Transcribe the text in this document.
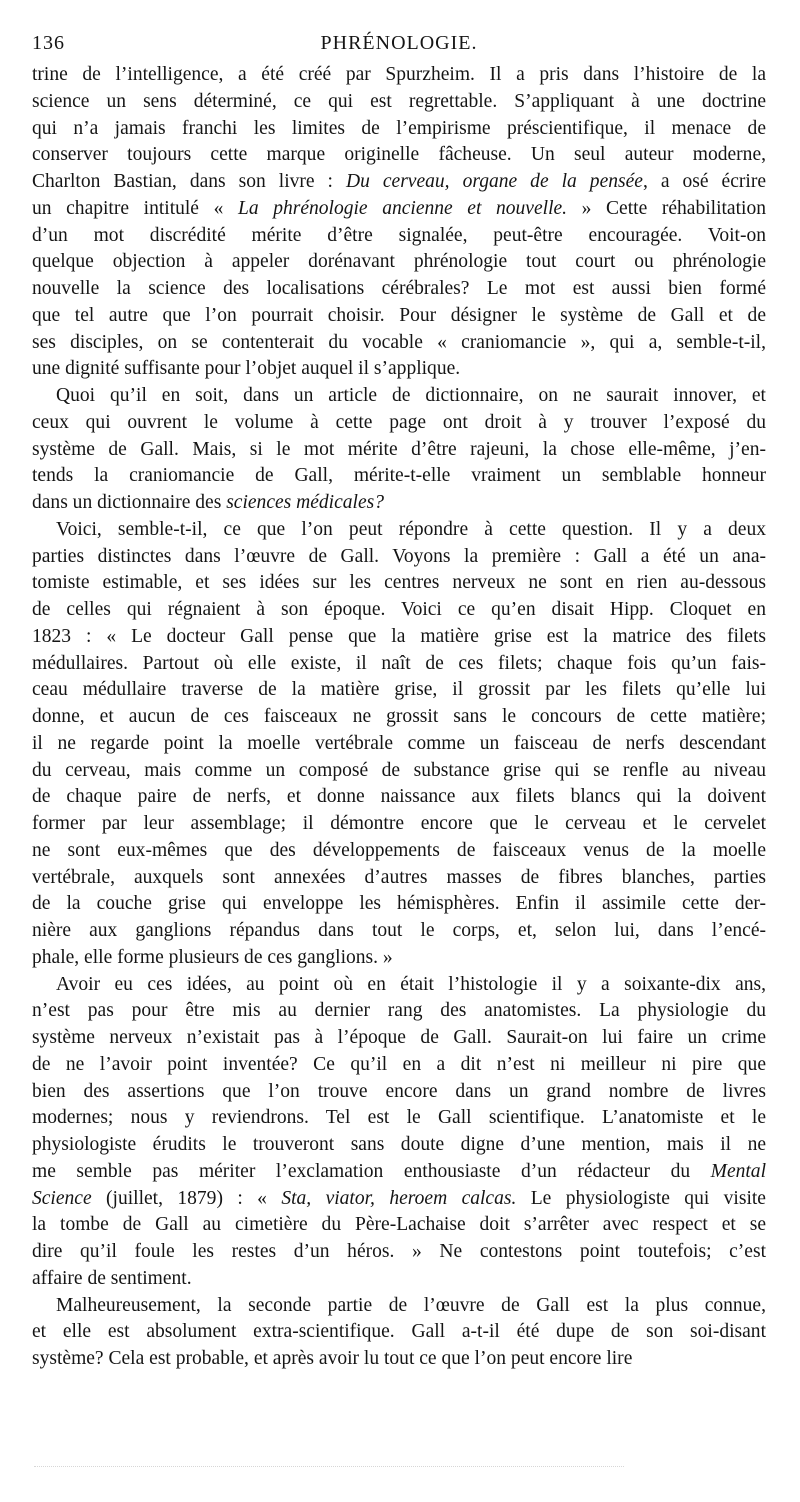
136	PHRÉNOLOGIE.
trine de l’intelligence, a été créé par Spurzheim. Il a pris dans l’histoire de la
science un sens déterminé, ce qui est regrettable. S’appliquant à une doctrine
qui n’a jamais franchi les limites de l’empirisme préscientifique, il menace de
conserver toujours cette marque originelle fâcheuse. Un seul auteur moderne,
Charlton Bastian, dans son livre : Du cerveau, organe de la pensée, a osé écrire
un chapitre intitulé « La phrénologie ancienne et nouvelle. » Cette réhabilitation
d’un mot discrédité mérite d’être signalée, peut-être encouragée. Voit-on
quelque objection à appeler dorénavant phrénologie tout court ou phrénologie
nouvelle la science des localisations cérébrales? Le mot est aussi bien formé
que tel autre que l’on pourrait choisir. Pour désigner le système de Gall et de
ses disciples, on se contenterait du vocable « craniomancie », qui a, semble-t-il,
une dignité suffisante pour l’objet auquel il s’applique.
Quoi qu’il en soit, dans un article de dictionnaire, on ne saurait innover, et
ceux qui ouvrent le volume à cette page ont droit à y trouver l’exposé du
système de Gall. Mais, si le mot mérite d’être rajeuni, la chose elle-même, j’en-
tends la craniomancie de Gall, mérite-t-elle vraiment un semblable honneur
dans un dictionnaire des sciences médicales?
Voici, semble-t-il, ce que l’on peut répondre à cette question. Il y a deux
parties distinctes dans l’œuvre de Gall. Voyons la première : Gall a été un ana-
tomiste estimable, et ses idées sur les centres nerveux ne sont en rien au-dessous
de celles qui régnaient à son époque. Voici ce qu’en disait Hipp. Cloquet en
1823 : « Le docteur Gall pense que la matière grise est la matrice des filets
médullaires. Partout où elle existe, il naît de ces filets; chaque fois qu’un fais-
ceau médullaire traverse de la matière grise, il grossit par les filets qu’elle lui
donne, et aucun de ces faisceaux ne grossit sans le concours de cette matière;
il ne regarde point la moelle vertébrale comme un faisceau de nerfs descendant
du cerveau, mais comme un composé de substance grise qui se renfle au niveau
de chaque paire de nerfs, et donne naissance aux filets blancs qui la doivent
former par leur assemblage; il démontre encore que le cerveau et le cervelet
ne sont eux-mêmes que des développements de faisceaux venus de la moelle
vertébrale, auxquels sont annexées d’autres masses de fibres blanches, parties
de la couche grise qui enveloppe les hémisphères. Enfin il assimile cette der-
nière aux ganglions répandus dans tout le corps, et, selon lui, dans l’encé-
phale, elle forme plusieurs de ces ganglions. »
Avoir eu ces idées, au point où en était l’histologie il y a soixante-dix ans,
n’est pas pour être mis au dernier rang des anatomistes. La physiologie du
système nerveux n’existait pas à l’époque de Gall. Saurait-on lui faire un crime
de ne l’avoir point inventée? Ce qu’il en a dit n’est ni meilleur ni pire que
bien des assertions que l’on trouve encore dans un grand nombre de livres
modernes; nous y reviendrons. Tel est le Gall scientifique. L’anatomiste et le
physiologiste érudits le trouveront sans doute digne d’une mention, mais il ne
me semble pas mériter l’exclamation enthousiaste d’un rédacteur du Mental
Science (juillet, 1879) : « Sta, viator, heroem calcas. Le physiologiste qui visite
la tombe de Gall au cimetière du Père-Lachaise doit s’arrêter avec respect et se
dire qu’il foule les restes d’un héros. » Ne contestons point toutefois; c’est
affaire de sentiment.
Malheureusement, la seconde partie de l’œuvre de Gall est la plus connue,
et elle est absolument extra-scientifique. Gall a-t-il été dupe de son soi-disant
système? Cela est probable, et après avoir lu tout ce que l’on peut encore lire
